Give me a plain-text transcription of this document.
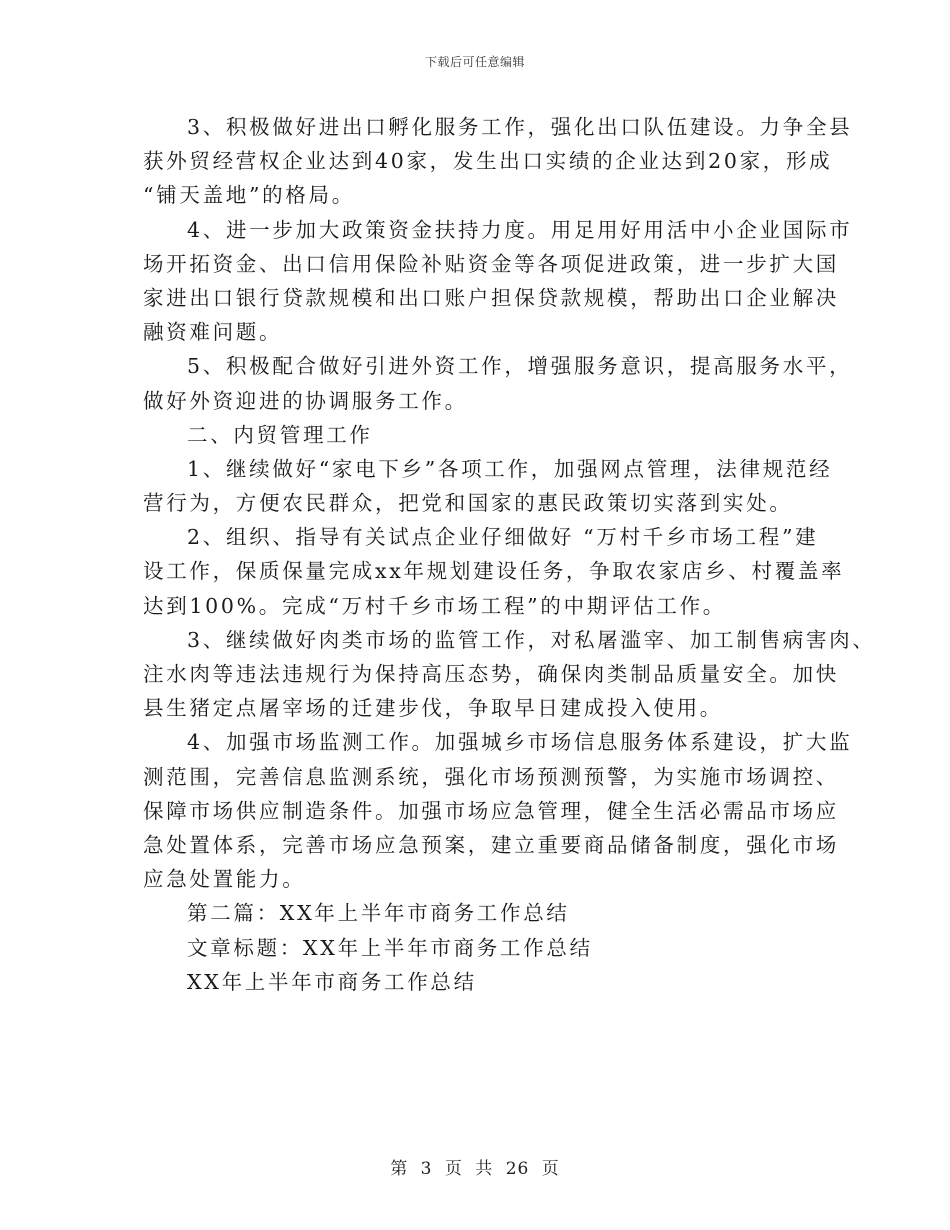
下载后可任意编辑
3、积极做好进出口孵化服务工作，强化出口队伍建设。力争全县
获外贸经营权企业达到40家，发生出口实绩的企业达到20家，形成
“铺天盖地”的格局。
4、进一步加大政策资金扶持力度。用足用好用活中小企业国际市
场开拓资金、出口信用保险补贴资金等各项促进政策，进一步扩大国
家进出口银行贷款规模和出口账户担保贷款规模，帮助出口企业解决
融资难问题。
5、积极配合做好引进外资工作，增强服务意识，提高服务水平，
做好外资迎进的协调服务工作。
二、内贸管理工作
1、继续做好“家电下乡”各项工作，加强网点管理，法律规范经
营行为，方便农民群众，把党和国家的惠民政策切实落到实处。
2、组织、指导有关试点企业仔细做好 “万村千乡市场工程”建
设工作，保质保量完成xx年规划建设任务，争取农家店乡、村覆盖率
达到100%。完成“万村千乡市场工程”的中期评估工作。
3、继续做好肉类市场的监管工作，对私屠滥宰、加工制售病害肉、
注水肉等违法违规行为保持高压态势，确保肉类制品质量安全。加快
县生猪定点屠宰场的迁建步伐，争取早日建成投入使用。
4、加强市场监测工作。加强城乡市场信息服务体系建设，扩大监
测范围，完善信息监测系统，强化市场预测预警，为实施市场调控、
保障市场供应制造条件。加强市场应急管理，健全生活必需品市场应
急处置体系，完善市场应急预案，建立重要商品储备制度，强化市场
应急处置能力。
第二篇：XX年上半年市商务工作总结
文章标题：XX年上半年市商务工作总结
XX年上半年市商务工作总结
第 3 页 共 26 页
